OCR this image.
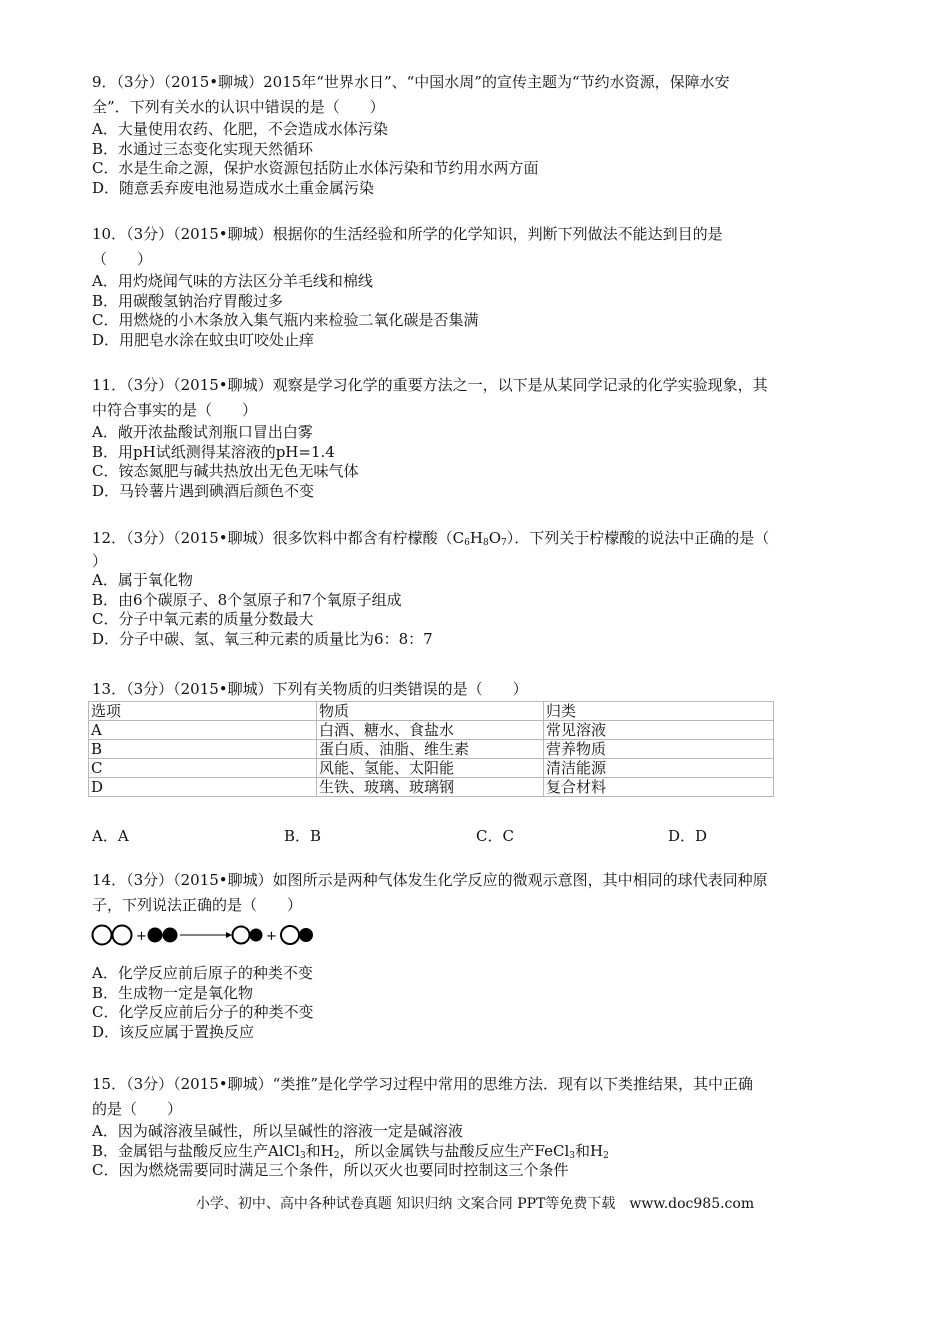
9．（3分）（2015•聊城）2015年“世界水日”、“中国水周”的宣传主题为“节约水资源，保障水安

全”．下列有关水的认识中错误的是（　　）

A．大量使用农药、化肥，不会造成水体污染

B．水通过三态变化实现天然循环

C．水是生命之源，保护水资源包括防止水体污染和节约用水两方面

D．随意丢弃废电池易造成水土重金属污染

10．（3分）（2015•聊城）根据你的生活经验和所学的化学知识，判断下列做法不能达到目的是

（　　）

A．用灼烧闻气味的方法区分羊毛线和棉线

B．用碳酸氢钠治疗胃酸过多

C．用燃烧的小木条放入集气瓶内来检验二氧化碳是否集满

D．用肥皂水涂在蚊虫叮咬处止痒

11．（3分）（2015•聊城）观察是学习化学的重要方法之一，以下是从某同学记录的化学实验现象，其

中符合事实的是（　　）

A．敞开浓盐酸试剂瓶口冒出白雾

B．用pH试纸测得某溶液的pH=1.4

C．铵态氮肥与碱共热放出无色无味气体

D．马铃薯片遇到碘酒后颜色不变

12．（3分）（2015•聊城）很多饮料中都含有柠檬酸$(C_6H_8O_7)$．下列关于柠檬酸的说法中正确的是（

）

A．属于氧化物

B．由6个碳原子、8个氢原子和7个氧原子组成

C．分子中氧元素的质量分数最大

D．分子中碳、氢、氧三种元素的质量比为6：8：7

13．（3分）（2015•聊城）下列有关物质的归类错误的是（　　）

选项	物质	归类
A	白酒、糖水、食盐水	常见溶液
B	蛋白质、油脂、维生素	营养物质
C	风能、氢能、太阳能	清洁能源
D	生铁、玻璃、玻璃钢	复合材料
A．A	B．B	C．C	D．D

14．（3分）（2015•聊城）如图所示是两种气体发生化学反应的微观示意图，其中相同的球代表同种原

子，下列说法正确的是（　　）

+	+

A．化学反应前后原子的种类不变

B．生成物一定是氧化物

C．化学反应前后分子的种类不变

D．该反应属于置换反应

15．（3分）（2015•聊城）“类推”是化学学习过程中常用的思维方法．现有以下类推结果，其中正确

的是（　　）

A．因为碱溶液呈碱性，所以呈碱性的溶液一定是碱溶液

B．金属铝与盐酸反应生产AlCl$_3$和$H_2$，所以金属铁与盐酸反应生产FeCl$_3$和$H_2$

C．因为燃烧需要同时满足三个条件，所以灭火也要同时控制这三个条件

小学、初中、高中各种试卷真题 知识归纳 文案合同 PPT等免费下载　www.doc985.com
